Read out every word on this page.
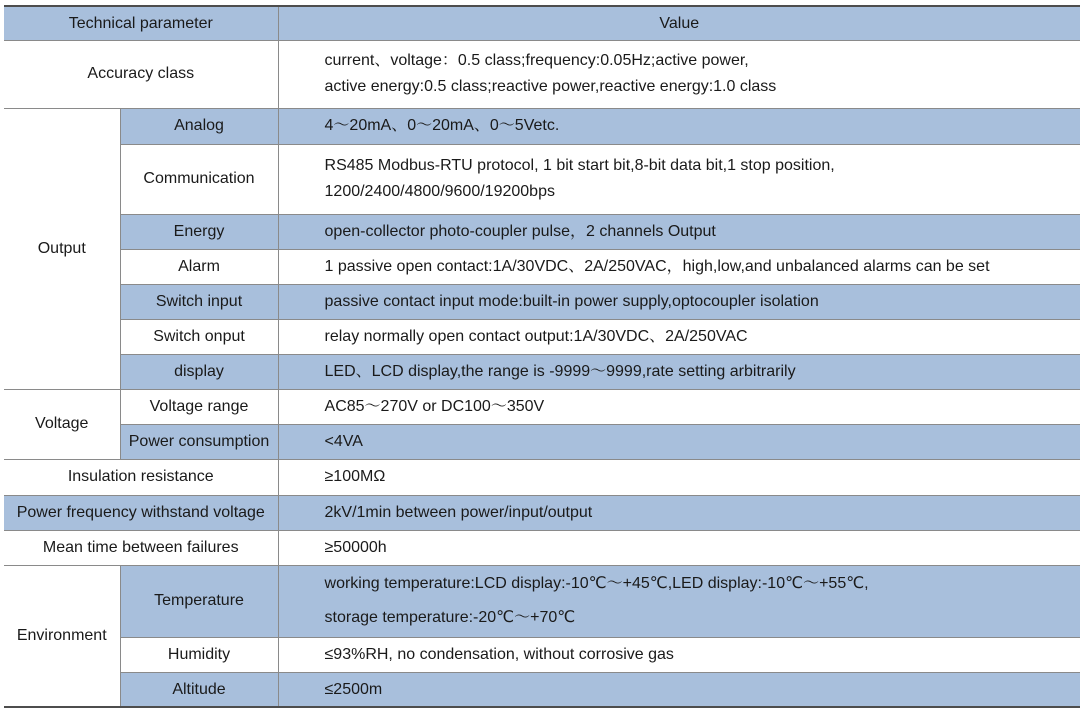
Technical parameter		Value
Accuracy class		current、voltage：0.5 class;frequency:0.05Hz;active power,
active energy:0.5 class;reactive power,reactive energy:1.0 class
Output	Analog	4～20mA、0～20mA、0～5Vetc.
	Communication	RS485 Modbus-RTU protocol, 1 bit start bit,8-bit data bit,1 stop position,
1200/2400/4800/9600/19200bps
	Energy	open-collector photo-coupler pulse，2 channels Output
	Alarm	1 passive open contact:1A/30VDC、2A/250VAC，high,low,and unbalanced alarms can be set
	Switch input	passive contact input mode:built-in power supply,optocoupler isolation
	Switch onput	relay normally open contact output:1A/30VDC、2A/250VAC
	display	LED、LCD display,the range is -9999～9999,rate setting arbitrarily
Voltage	Voltage range	AC85～270V or DC100～350V
	Power consumption	<4VA
Insulation resistance		≥100MΩ
Power frequency withstand voltage		2kV/1min between power/input/output
Mean time between failures		≥50000h
Environment	Temperature	working temperature:LCD display:-10℃～+45℃,LED display:-10℃～+55℃,
storage temperature:-20℃～+70℃
	Humidity	≤93%RH, no condensation, without corrosive gas
	Altitude	≤2500m
